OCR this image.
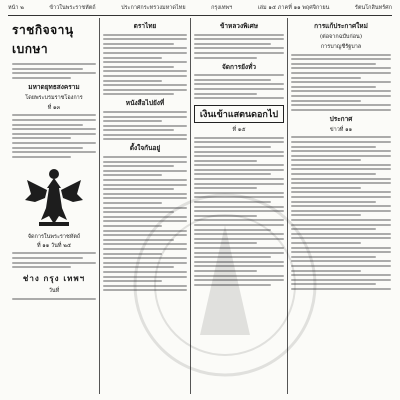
หน้า ๒	ข้าวในพระราชหัตถ์	ประกาศกระทรวงมหาดไทย	กรุงเทพฯ	เล่ม ๑๕ ภาคที่ ๑๑ พฤศจิกายน	รัตนโกสินทร์ศก
ราชกิจจานุเบกษา
มหาดยุทธสงคราม
โดยพระบรมราชโองการ
ที่ ๑๓
จัดการในพระราชหัตถ์
ที่ ๑๑ วันที่ ๒๕
ช่าง กรุง เทพฯ
วันที่
ตราไทย
หนังสือไปยังที่
ตั้งใจกันอยู่
ข้าหลวงพิเศษ
จัดการยังทั่ว
เงินเข้าแสตนดอกไป
ที่ ๑๕
การแก้ประกาศใหม่
(ต่อจากฉบับก่อน)
การบาญชีรัฐบาล
ประกาศ
ข่าวที่ ๑๑
